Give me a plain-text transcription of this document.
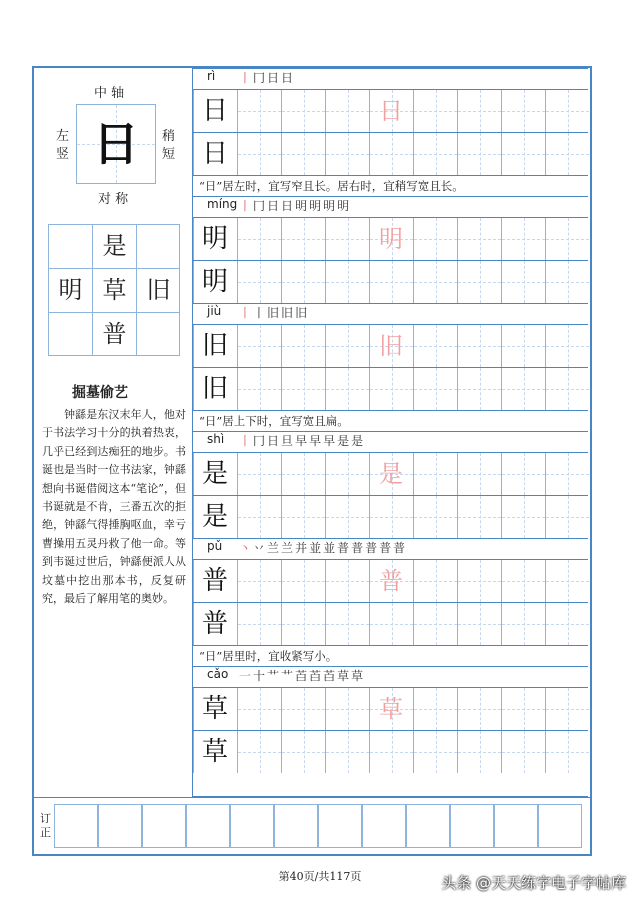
中 轴
日
左竖
稍短
对 称
是
明 草 旧
普
掘墓偷艺
钟繇是东汉末年人，他对于书法学习十分的执着热衷，几乎已经到达痴狂的地步。书诞也是当时一位书法家，钟繇想向书诞借阅这本“笔论”，但书诞就是不肯，三番五次的拒绝，钟繇气得捶胸呕血，幸亏曹操用五灵丹救了他一命。等到韦诞过世后，钟繇便派人从坟墓中挖出那本书，反复研究，最后了解用笔的奥妙。
rì 丨冂日日
日	日
日
“日”居左时，宜写窄且长。居右时，宜稍写宽且长。
míng 丨冂日日明明明明
明	明
明
jiù 丨丨旧旧旧
旧	旧
旧
“日”居上下时，宜写宽且扁。
shì 丨冂日旦早早早是是
是	是
是
pǔ 丶丷兰兰并並並普普普普普
普	普
普
“日”居里时，宜收紧写小。
cǎo 一十艹艹苩苩苩草草
草	草
草
订正
第40页/共117页	头条 @天天练字电子字帖库
